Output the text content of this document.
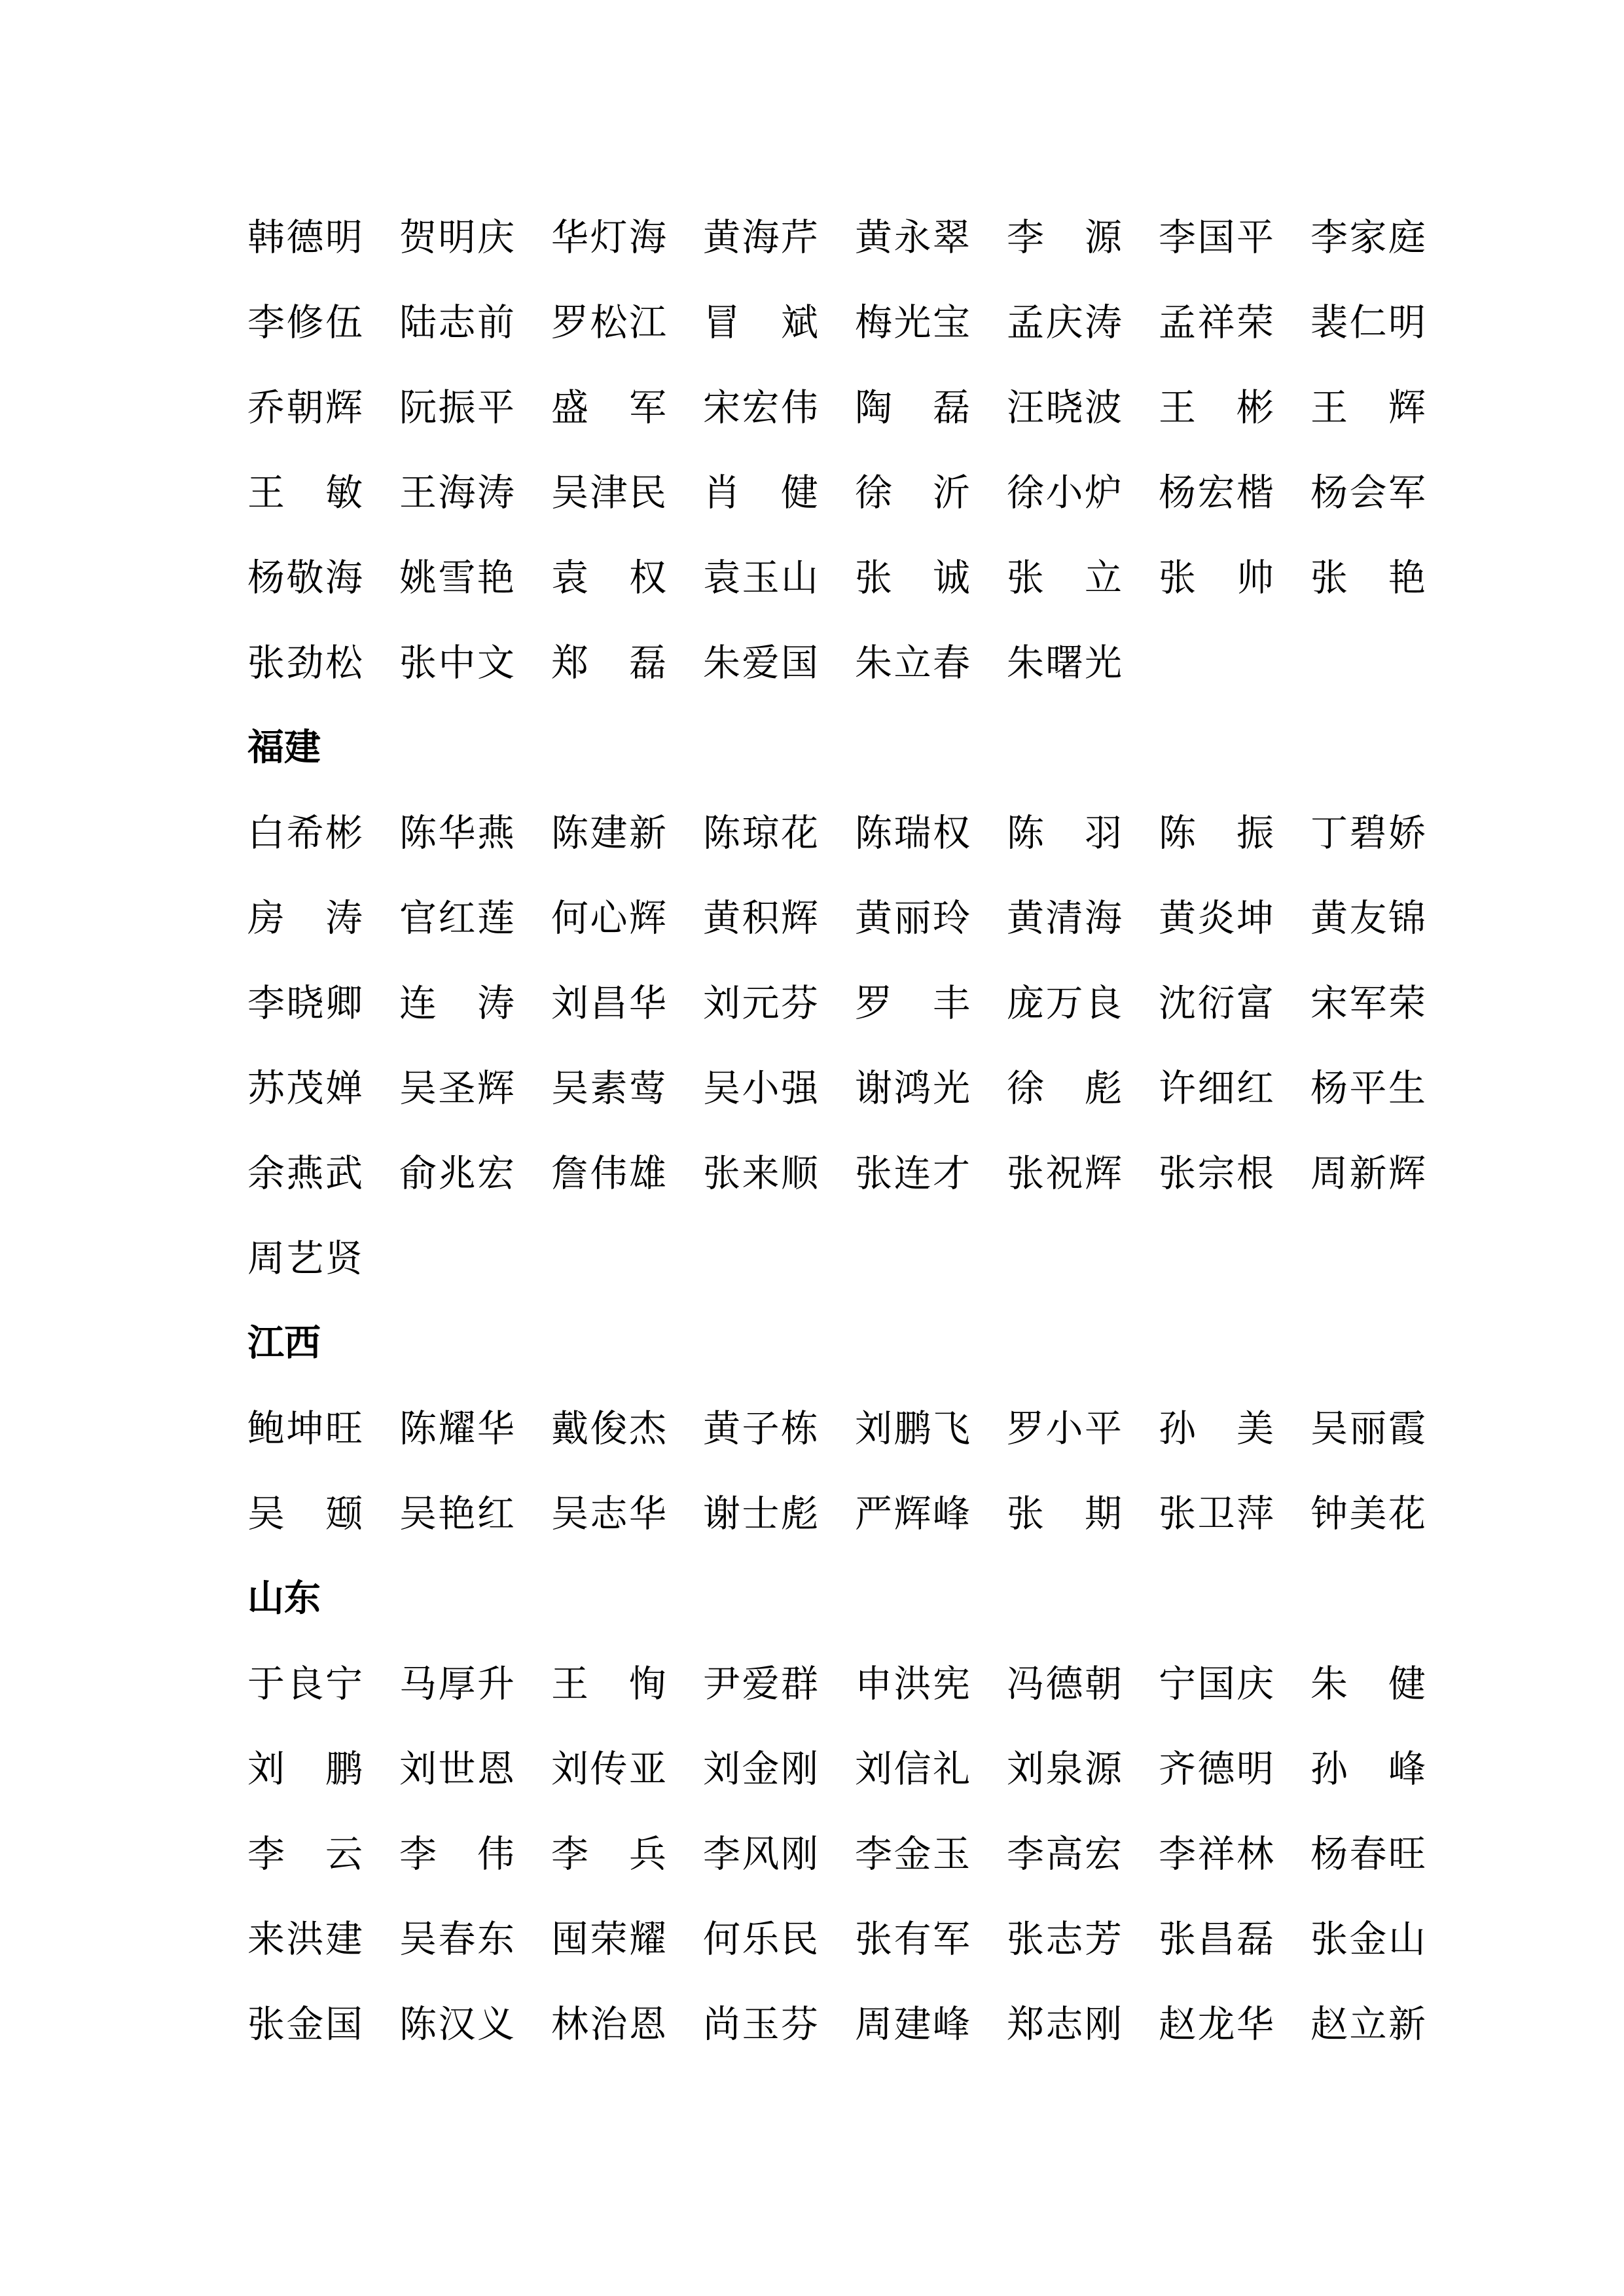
韩 德 明 贺 明 庆 华 灯 海 黄 海 芹 黄 永 翠 李 源 李 国 平 李 家 庭
李 修 伍 陆 志 前 罗 松 江 冒 斌 梅 光 宝 孟 庆 涛 孟 祥 荣 裴 仁 明
乔 朝 辉 阮 振 平 盛 军 宋 宏 伟 陶 磊 汪 晓 波 王 彬 王 辉
王 敏 王 海 涛 吴 津 民 肖 健 徐 沂 徐 小 炉 杨 宏 楷 杨 会 军
杨 敬 海 姚 雪 艳 袁 权 袁 玉 山 张 诚 张 立 张 帅 张 艳
张 劲 松 张 中 文 郑 磊 朱 爱 国 朱 立 春 朱 曙 光
福建
白 希 彬 陈 华 燕 陈 建 新 陈 琼 花 陈 瑞 权 陈 羽 陈 振 丁 碧 娇
房 涛 官 红 莲 何 心 辉 黄 积 辉 黄 丽 玲 黄 清 海 黄 炎 坤 黄 友 锦
李 晓 卿 连 涛 刘 昌 华 刘 元 芬 罗 丰 庞 万 良 沈 衍 富 宋 军 荣
苏 茂 婵 吴 圣 辉 吴 素 莺 吴 小 强 谢 鸿 光 徐 彪 许 细 红 杨 平 生
余 燕 武 俞 兆 宏 詹 伟 雄 张 来 顺 张 连 才 张 祝 辉 张 宗 根 周 新 辉
周 艺 贤
江西
鲍 坤 旺 陈 耀 华 戴 俊 杰 黄 子 栋 刘 鹏 飞 罗 小 平 孙 美 吴 丽 霞
吴 颋 吴 艳 红 吴 志 华 谢 士 彪 严 辉 峰 张 期 张 卫 萍 钟 美 花
山东
于 良 宁 马 厚 升 王 恂 尹 爱 群 申 洪 宪 冯 德 朝 宁 国 庆 朱 健
刘 鹏 刘 世 恩 刘 传 亚 刘 金 刚 刘 信 礼 刘 泉 源 齐 德 明 孙 峰
李 云 李 伟 李 兵 李 风 刚 李 金 玉 李 高 宏 李 祥 林 杨 春 旺
来 洪 建 吴 春 东 囤 荣 耀 何 乐 民 张 有 军 张 志 芳 张 昌 磊 张 金 山
张 金 国 陈 汉 义 林 治 恩 尚 玉 芬 周 建 峰 郑 志 刚 赵 龙 华 赵 立 新
